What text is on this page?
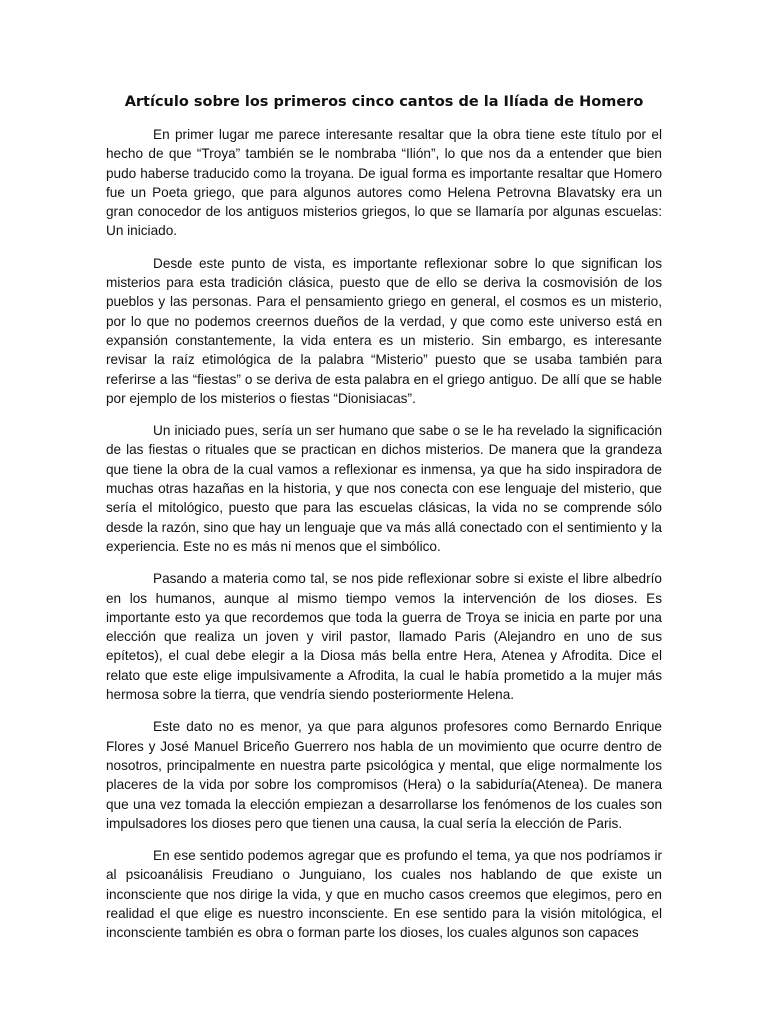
Artículo sobre los primeros cinco cantos de la Ilíada de Homero

En primer lugar me parece interesante resaltar que la obra tiene este título por el hecho de que “Troya” también se le nombraba “Ilión”, lo que nos da a entender que bien pudo haberse traducido como la troyana. De igual forma es importante resaltar que Homero fue un Poeta griego, que para algunos autores como Helena Petrovna Blavatsky era un gran conocedor de los antiguos misterios griegos, lo que se llamaría por algunas escuelas: Un iniciado.

Desde este punto de vista, es importante reflexionar sobre lo que significan los misterios para esta tradición clásica, puesto que de ello se deriva la cosmovisión de los pueblos y las personas. Para el pensamiento griego en general, el cosmos es un misterio, por lo que no podemos creernos dueños de la verdad, y que como este universo está en expansión constantemente, la vida entera es un misterio. Sin embargo, es interesante revisar la raíz etimológica de la palabra “Misterio” puesto que se usaba también para referirse a las “fiestas” o se deriva de esta palabra en el griego antiguo. De allí que se hable por ejemplo de los misterios o fiestas “Dionisiacas”.

Un iniciado pues, sería un ser humano que sabe o se le ha revelado la significación de las fiestas o rituales que se practican en dichos misterios. De manera que la grandeza que tiene la obra de la cual vamos a reflexionar es inmensa, ya que ha sido inspiradora de muchas otras hazañas en la historia, y que nos conecta con ese lenguaje del misterio, que sería el mitológico, puesto que para las escuelas clásicas, la vida no se comprende sólo desde la razón, sino que hay un lenguaje que va más allá conectado con el sentimiento y la experiencia. Este no es más ni menos que el simbólico.

Pasando a materia como tal, se nos pide reflexionar sobre si existe el libre albedrío en los humanos, aunque al mismo tiempo vemos la intervención de los dioses. Es importante esto ya que recordemos que toda la guerra de Troya se inicia en parte por una elección que realiza un joven y viril pastor, llamado Paris (Alejandro en uno de sus epítetos), el cual debe elegir a la Diosa más bella entre Hera, Atenea y Afrodita. Dice el relato que este elige impulsivamente a Afrodita, la cual le había prometido a la mujer más hermosa sobre la tierra, que vendría siendo posteriormente Helena.

Este dato no es menor, ya que para algunos profesores como Bernardo Enrique Flores y José Manuel Briceño Guerrero nos habla de un movimiento que ocurre dentro de nosotros, principalmente en nuestra parte psicológica y mental, que elige normalmente los placeres de la vida por sobre los compromisos (Hera) o la sabiduría(Atenea). De manera que una vez tomada la elección empiezan a desarrollarse los fenómenos de los cuales son impulsadores los dioses pero que tienen una causa, la cual sería la elección de Paris.

En ese sentido podemos agregar que es profundo el tema, ya que nos podríamos ir al psicoanálisis Freudiano o Junguiano, los cuales nos hablando de que existe un inconsciente que nos dirige la vida, y que en mucho casos creemos que elegimos, pero en realidad el que elige es nuestro inconsciente. En ese sentido para la visión mitológica, el inconsciente también es obra o forman parte los dioses, los cuales algunos son capaces
